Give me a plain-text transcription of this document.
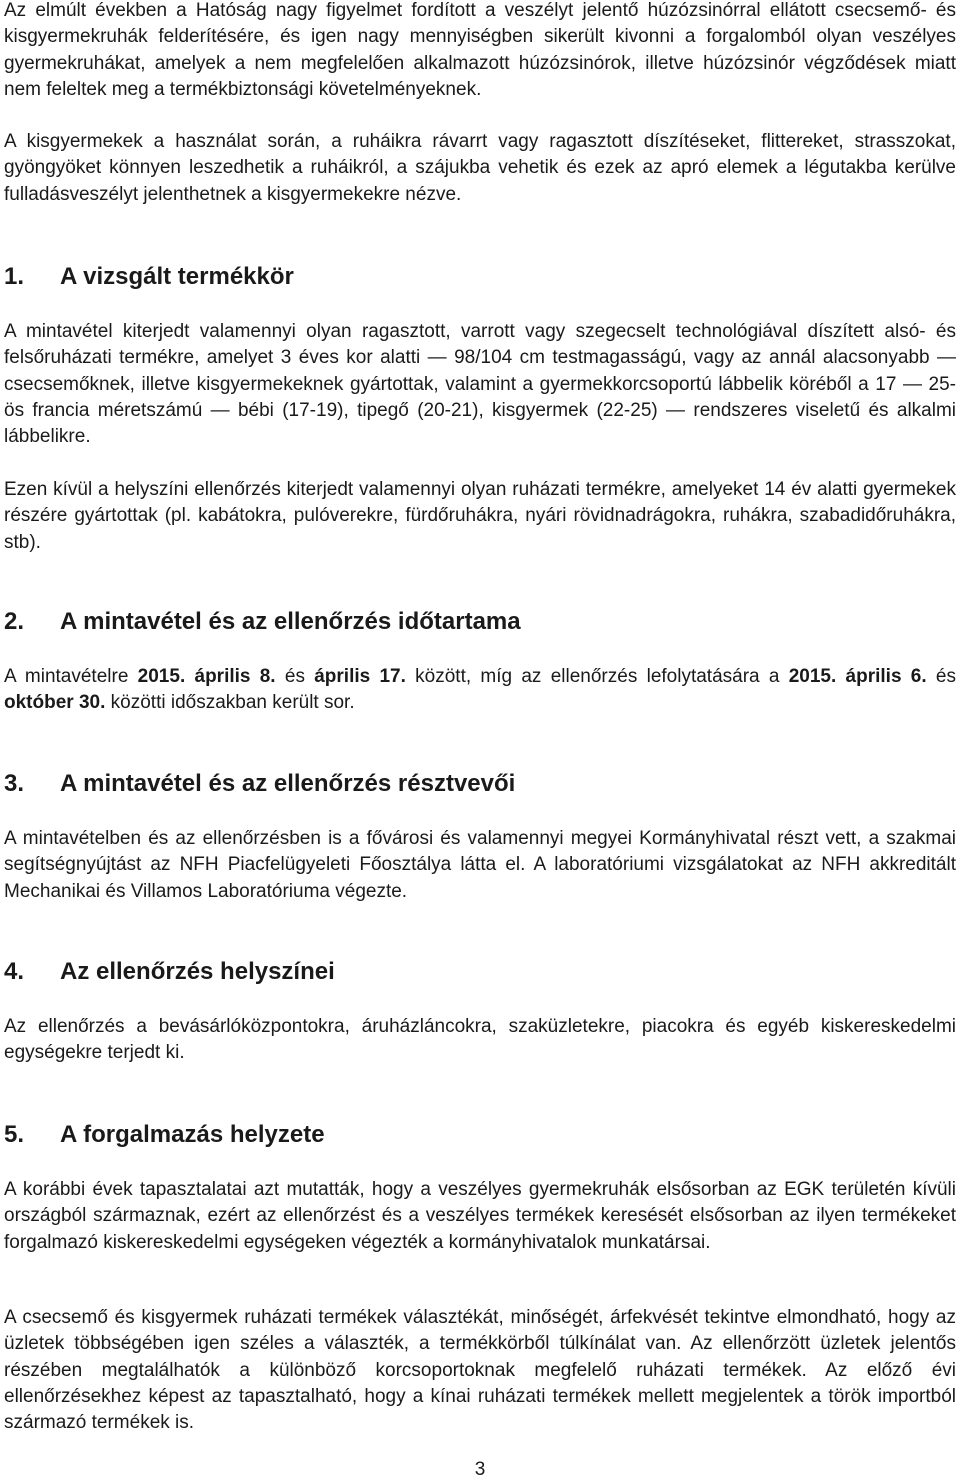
Az elmúlt években a Hatóság nagy figyelmet fordított a veszélyt jelentő húzózsinórral ellátott csecsemő- és kisgyermekruhák felderítésére, és igen nagy mennyiségben sikerült kivonni a forgalomból olyan veszélyes gyermekruhákat, amelyek a nem megfelelően alkalmazott húzózsinórok, illetve húzózsinór végződések miatt nem feleltek meg a termékbiztonsági követelményeknek.

A kisgyermekek a használat során, a ruháikra rávarrt vagy ragasztott díszítéseket, flittereket, strasszokat, gyöngyöket könnyen leszedhetik a ruháikról, a szájukba vehetik és ezek az apró elemek a légutakba kerülve fulladásveszélyt jelenthetnek a kisgyermekekre nézve.

1.	A vizsgált termékkör

A mintavétel kiterjedt valamennyi olyan ragasztott, varrott vagy szegecselt technológiával díszített alsó- és felsőruházati termékre, amelyet 3 éves kor alatti — 98/104 cm testmagasságú, vagy az annál alacsonyabb — csecsemőknek, illetve kisgyermekeknek gyártottak, valamint a gyermekkorcsoportú lábbelik köréből a 17 — 25-ös francia méretszámú — bébi (17-19), tipegő (20-21), kisgyermek (22-25) — rendszeres viseletű és alkalmi lábbelikre.

Ezen kívül a helyszíni ellenőrzés kiterjedt valamennyi olyan ruházati termékre, amelyeket 14 év alatti gyermekek részére gyártottak (pl. kabátokra, pulóverekre, fürdőruhákra, nyári rövidnadrágokra, ruhákra, szabadidőruhákra, stb).

2.	A mintavétel és az ellenőrzés időtartama

A mintavételre 2015. április 8. és április 17. között, míg az ellenőrzés lefolytatására a 2015. április 6. és október 30. közötti időszakban került sor.

3.	A mintavétel és az ellenőrzés résztvevői

A mintavételben és az ellenőrzésben is a fővárosi és valamennyi megyei Kormányhivatal részt vett, a szakmai segítségnyújtást az NFH Piacfelügyeleti Főosztálya látta el. A laboratóriumi vizsgálatokat az NFH akkreditált Mechanikai és Villamos Laboratóriuma végezte.

4.	Az ellenőrzés helyszínei

Az ellenőrzés a bevásárlóközpontokra, áruházláncokra, szaküzletekre, piacokra és egyéb kiskereskedelmi egységekre terjedt ki.

5.	A forgalmazás helyzete

A korábbi évek tapasztalatai azt mutatták, hogy a veszélyes gyermekruhák elsősorban az EGK területén kívüli országból származnak, ezért az ellenőrzést és a veszélyes termékek keresését elsősorban az ilyen termékeket forgalmazó kiskereskedelmi egységeken végezték a kormányhivatalok munkatársai.

A csecsemő és kisgyermek ruházati termékek választékát, minőségét, árfekvését tekintve elmondható, hogy az üzletek többségében igen széles a választék, a termékkörből túlkínálat van. Az ellenőrzött üzletek jelentős részében megtalálhatók a különböző korcsoportoknak megfelelő ruházati termékek. Az előző évi ellenőrzésekhez képest az tapasztalható, hogy a kínai ruházati termékek mellett megjelentek a török importból származó termékek is.

3
